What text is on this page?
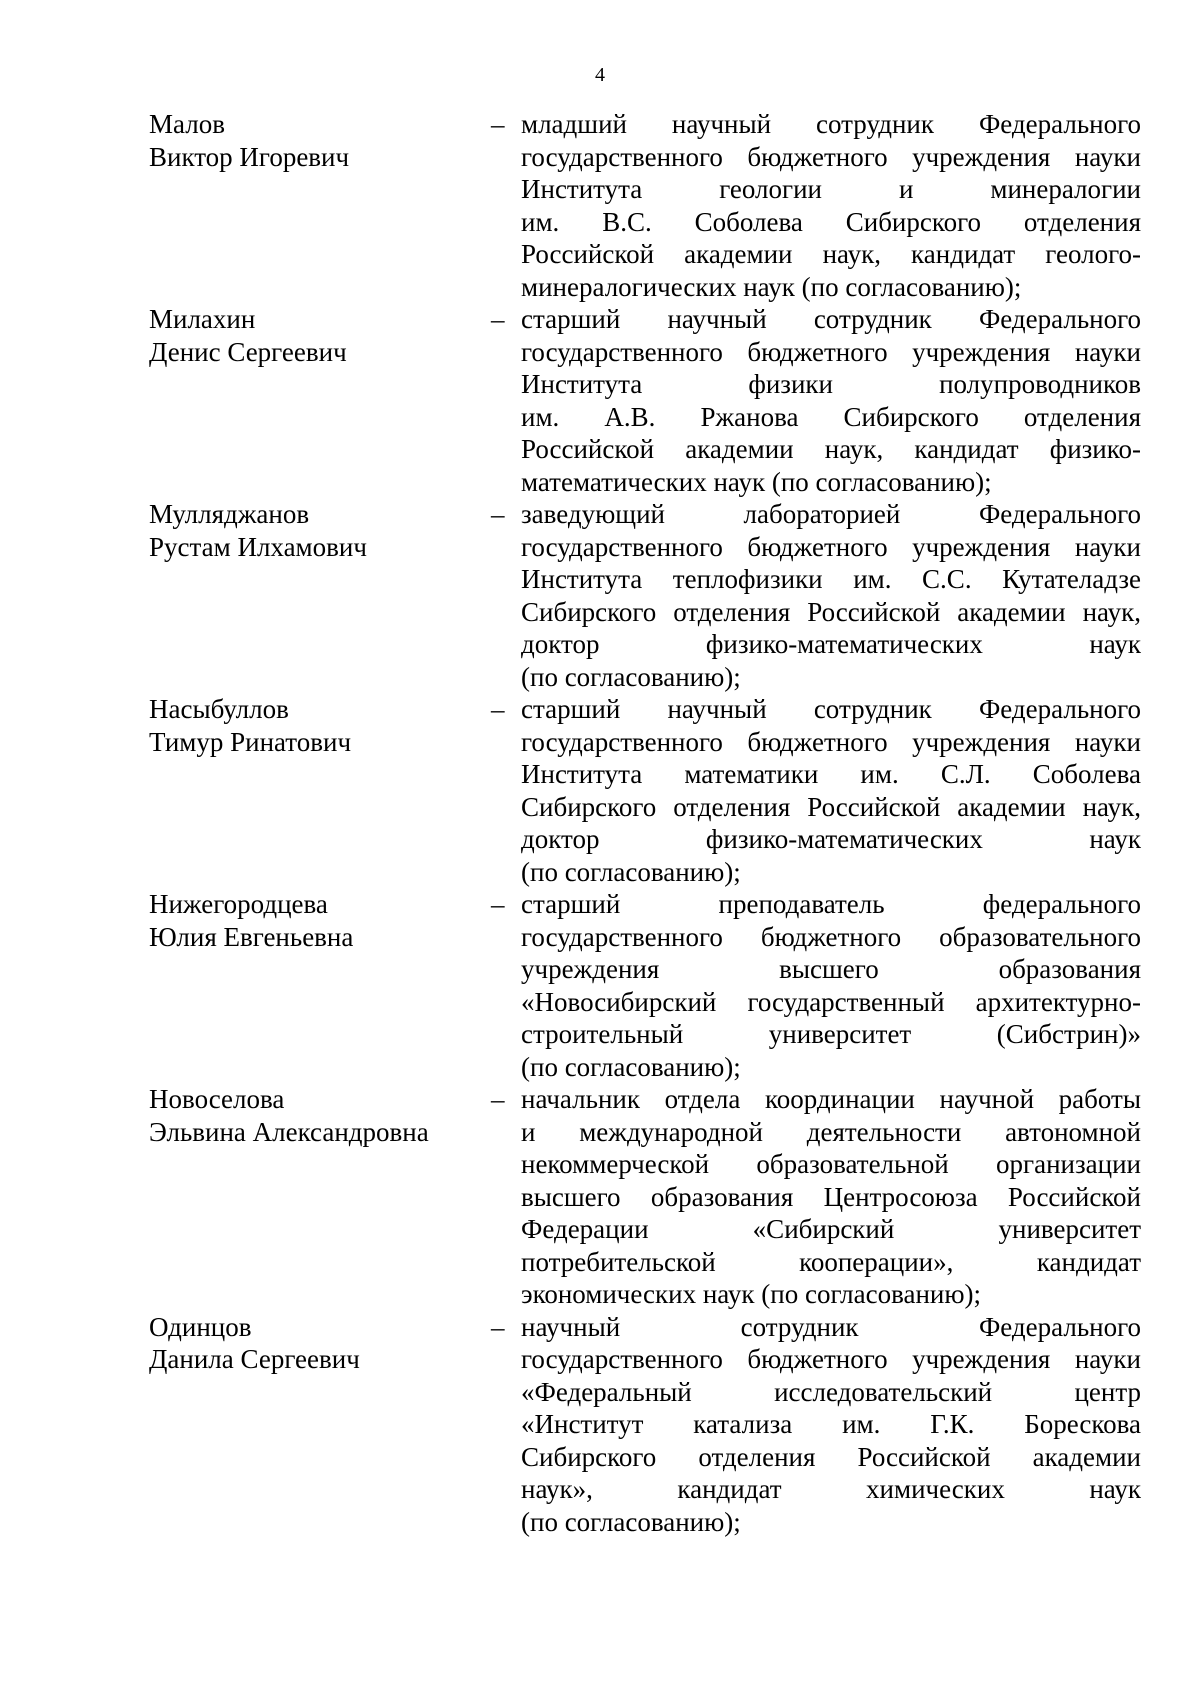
4
Малов
Виктор Игоревич
– младший научный сотрудник Федерального
государственного бюджетного учреждения науки
Института геологии и минералогии
им. В.С. Соболева Сибирского отделения
Российской академии наук, кандидат геолого-
минералогических наук (по согласованию);
Милахин
Денис Сергеевич
– старший научный сотрудник Федерального
государственного бюджетного учреждения науки
Института физики полупроводников
им. А.В. Ржанова Сибирского отделения
Российской академии наук, кандидат физико-
математических наук (по согласованию);
Мулляджанов
Рустам Илхамович
– заведующий лабораторией Федерального
государственного бюджетного учреждения науки
Института теплофизики им. С.С. Кутателадзе
Сибирского отделения Российской академии наук,
доктор физико-математических наук
(по согласованию);
Насыбуллов
Тимур Ринатович
– старший научный сотрудник Федерального
государственного бюджетного учреждения науки
Института математики им. С.Л. Соболева
Сибирского отделения Российской академии наук,
доктор физико-математических наук
(по согласованию);
Нижегородцева
Юлия Евгеньевна
– старший преподаватель федерального
государственного бюджетного образовательного
учреждения высшего образования
«Новосибирский государственный архитектурно-
строительный университет (Сибстрин)»
(по согласованию);
Новоселова
Эльвина Александровна
– начальник отдела координации научной работы
и международной деятельности автономной
некоммерческой образовательной организации
высшего образования Центросоюза Российской
Федерации «Сибирский университет
потребительской кооперации», кандидат
экономических наук (по согласованию);
Одинцов
Данила Сергеевич
– научный сотрудник Федерального
государственного бюджетного учреждения науки
«Федеральный исследовательский центр
«Институт катализа им. Г.К. Борескова
Сибирского отделения Российской академии
наук», кандидат химических наук
(по согласованию);
